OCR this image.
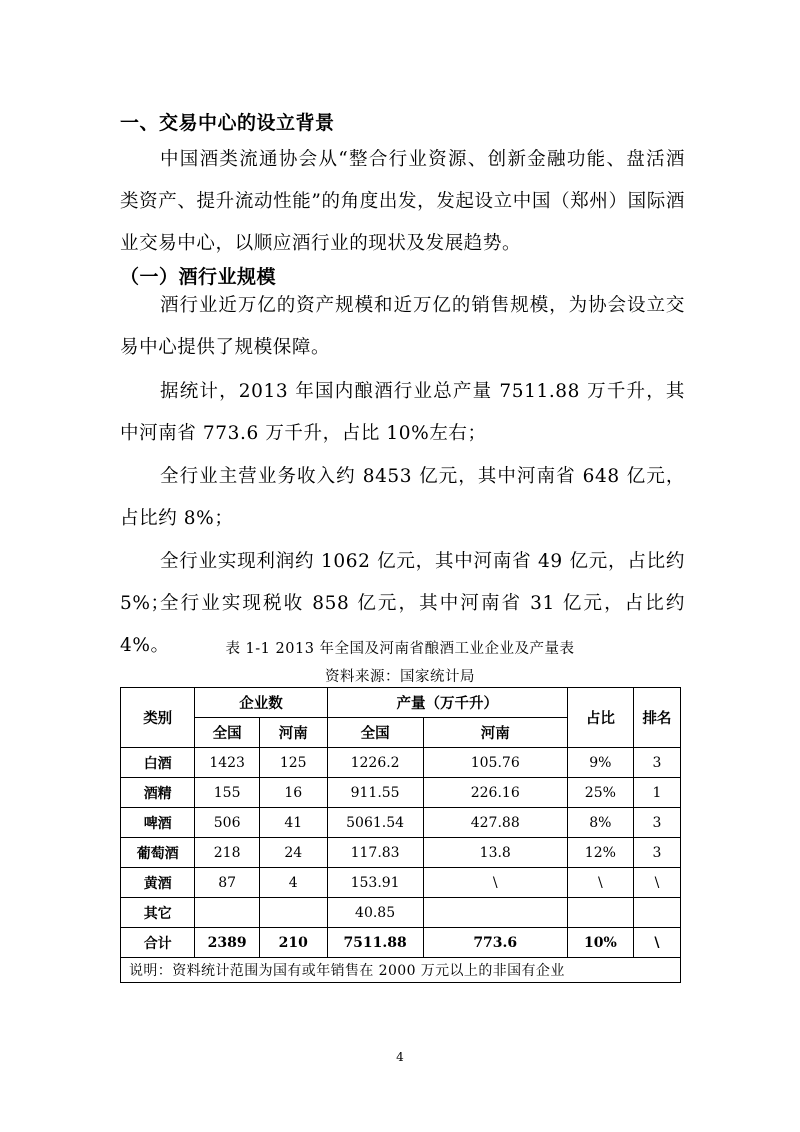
一、交易中心的设立背景
中国酒类流通协会从“整合行业资源、创新金融功能、盘活酒类资产、提升流动性能”的角度出发，发起设立中国（郑州）国际酒业交易中心，以顺应酒行业的现状及发展趋势。
（一）酒行业规模
酒行业近万亿的资产规模和近万亿的销售规模，为协会设立交易中心提供了规模保障。
据统计，2013 年国内酿酒行业总产量 7511.88 万千升，其中河南省 773.6 万千升，占比 10%左右；
全行业主营业务收入约 8453 亿元，其中河南省 648 亿元，占比约 8%；
全行业实现利润约 1062 亿元，其中河南省 49 亿元，占比约 5%；
全行业实现税收 858 亿元，其中河南省 31 亿元，占比约 4%。	表 1-1 2013 年全国及河南省酿酒工业企业及产量表
资料来源：国家统计局
类别	企业数		产量（万千升）		占比	排名
	全国	河南	全国	河南		
白酒	1423	125	1226.2	105.76	9%	3
酒精	155	16	911.55	226.16	25%	1
啤酒	506	41	5061.54	427.88	8%	3
葡萄酒	218	24	117.83	13.8	12%	3
黄酒	87	4	153.91	\	\	\
其它			40.85			
合计	2389	210	7511.88	773.6	10%	\
说明：资料统计范围为国有或年销售在 2000 万元以上的非国有企业						
4
